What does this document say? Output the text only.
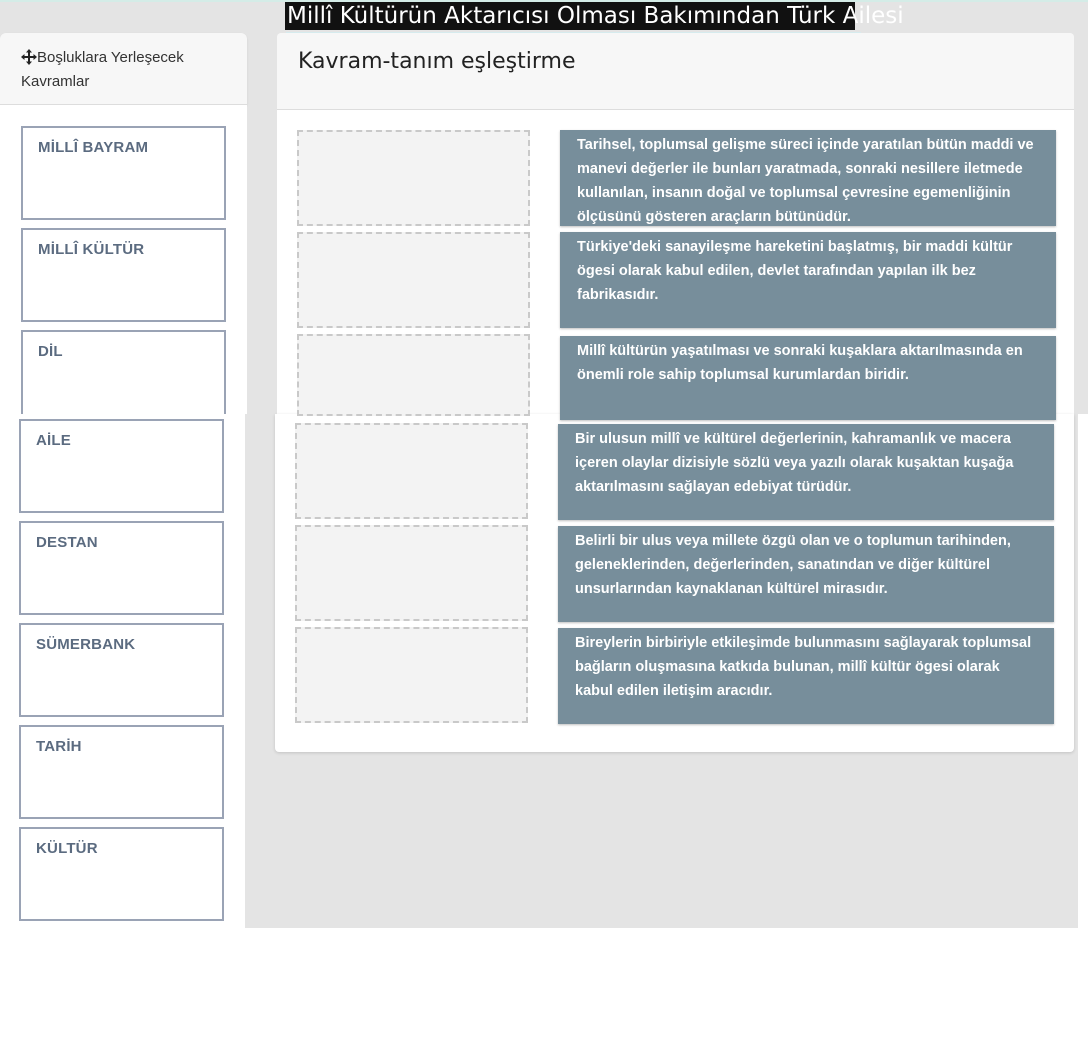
Millî Kültürün Aktarıcısı Olması Bakımından Türk Ailesi
Boşluklara Yerleşecek Kavramlar
MİLLÎ BAYRAM
MİLLÎ KÜLTÜR
DİL
AİLE
DESTAN
SÜMERBANK
TARİH
KÜLTÜR
Kavram-tanım eşleştirme
Tarihsel, toplumsal gelişme süreci içinde yaratılan bütün maddi ve manevi değerler ile bunları yaratmada, sonraki nesillere iletmede kullanılan, insanın doğal ve toplumsal çevresine egemenliğinin ölçüsünü gösteren araçların bütünüdür.
Türkiye'deki sanayileşme hareketini başlatmış, bir maddi kültür ögesi olarak kabul edilen, devlet tarafından yapılan ilk bez fabrikasıdır.
Millî kültürün yaşatılması ve sonraki kuşaklara aktarılmasında en önemli role sahip toplumsal kurumlardan biridir.
Bir ulusun millî ve kültürel değerlerinin, kahramanlık ve macera içeren olaylar dizisiyle sözlü veya yazılı olarak kuşaktan kuşağa aktarılmasını sağlayan edebiyat türüdür.
Belirli bir ulus veya millete özgü olan ve o toplumun tarihinden, geleneklerinden, değerlerinden, sanatından ve diğer kültürel unsurlarından kaynaklanan kültürel mirasıdır.
Bireylerin birbiriyle etkileşimde bulunmasını sağlayarak toplumsal bağların oluşmasına katkıda bulunan, millî kültür ögesi olarak kabul edilen iletişim aracıdır.
